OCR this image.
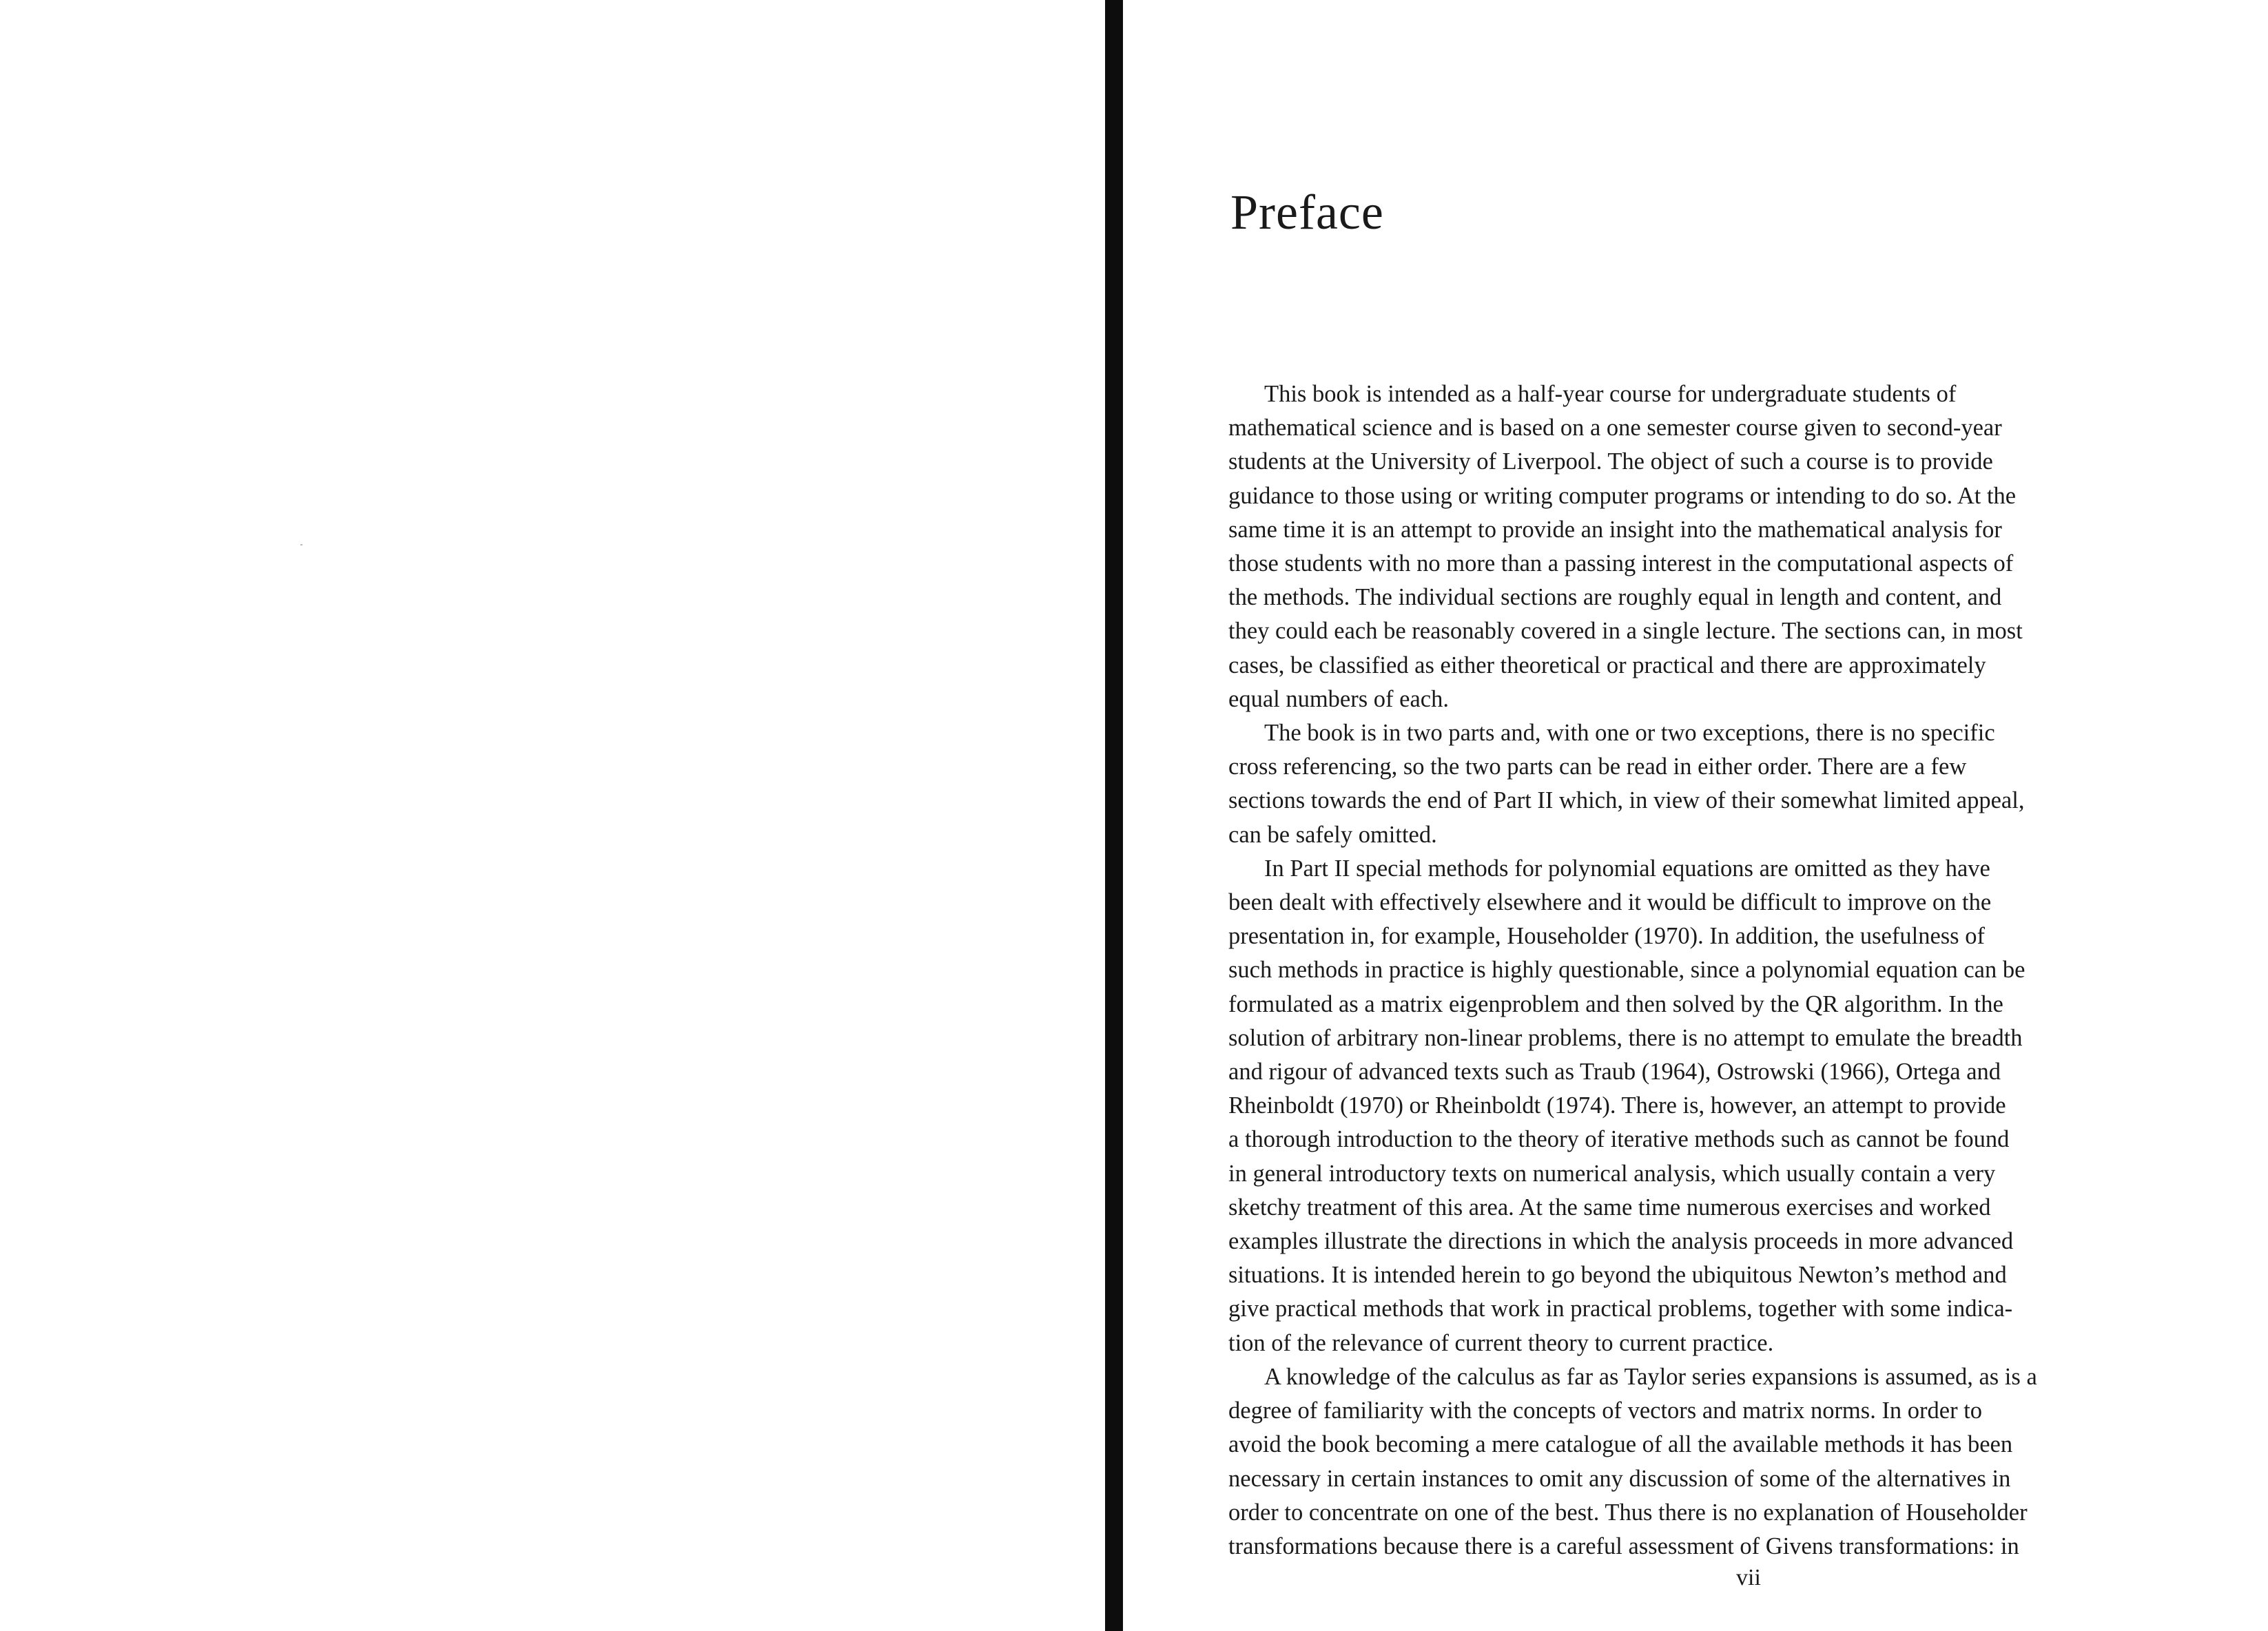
Preface

This book is intended as a half-year course for undergraduate students of
mathematical science and is based on a one semester course given to second-year
students at the University of Liverpool. The object of such a course is to provide
guidance to those using or writing computer programs or intending to do so. At the
same time it is an attempt to provide an insight into the mathematical analysis for
those students with no more than a passing interest in the computational aspects of
the methods. The individual sections are roughly equal in length and content, and
they could each be reasonably covered in a single lecture. The sections can, in most
cases, be classified as either theoretical or practical and there are approximately
equal numbers of each.

The book is in two parts and, with one or two exceptions, there is no specific
cross referencing, so the two parts can be read in either order. There are a few
sections towards the end of Part II which, in view of their somewhat limited appeal,
can be safely omitted.

In Part II special methods for polynomial equations are omitted as they have
been dealt with effectively elsewhere and it would be difficult to improve on the
presentation in, for example, Householder (1970). In addition, the usefulness of
such methods in practice is highly questionable, since a polynomial equation can be
formulated as a matrix eigenproblem and then solved by the QR algorithm. In the
solution of arbitrary non-linear problems, there is no attempt to emulate the breadth
and rigour of advanced texts such as Traub (1964), Ostrowski (1966), Ortega and
Rheinboldt (1970) or Rheinboldt (1974). There is, however, an attempt to provide
a thorough introduction to the theory of iterative methods such as cannot be found
in general introductory texts on numerical analysis, which usually contain a very
sketchy treatment of this area. At the same time numerous exercises and worked
examples illustrate the directions in which the analysis proceeds in more advanced
situations. It is intended herein to go beyond the ubiquitous Newton’s method and
give practical methods that work in practical problems, together with some indica-
tion of the relevance of current theory to current practice.

A knowledge of the calculus as far as Taylor series expansions is assumed, as is a
degree of familiarity with the concepts of vectors and matrix norms. In order to
avoid the book becoming a mere catalogue of all the available methods it has been
necessary in certain instances to omit any discussion of some of the alternatives in
order to concentrate on one of the best. Thus there is no explanation of Householder
transformations because there is a careful assessment of Givens transformations: in

vii
